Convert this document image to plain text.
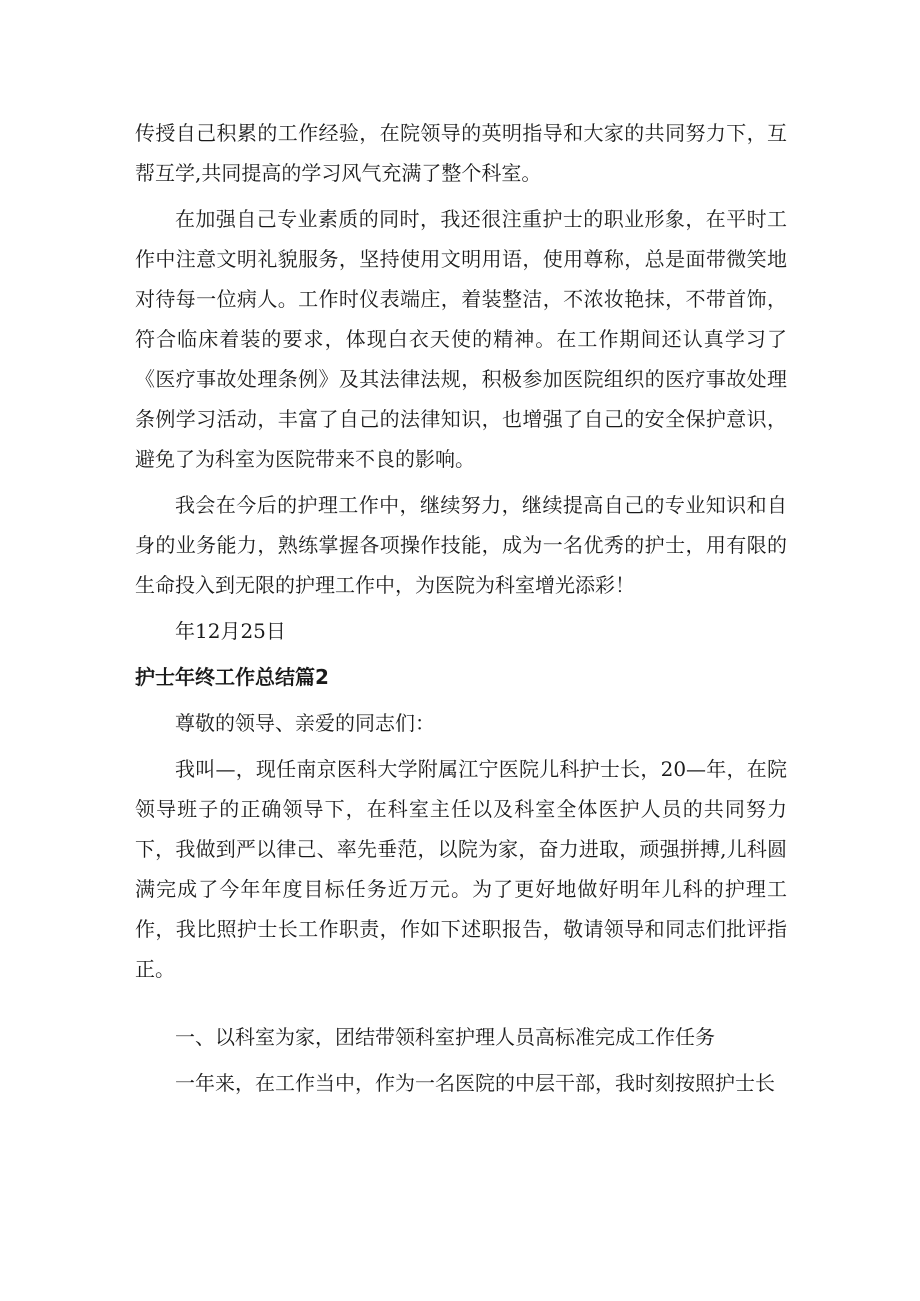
传授自己积累的工作经验，在院领导的英明指导和大家的共同努力下，互帮互学,共同提高的学习风气充满了整个科室。

在加强自己专业素质的同时，我还很注重护士的职业形象，在平时工作中注意文明礼貌服务，坚持使用文明用语，使用尊称，总是面带微笑地对待每一位病人。工作时仪表端庄，着装整洁，不浓妆艳抹，不带首饰，符合临床着装的要求，体现白衣天使的精神。在工作期间还认真学习了《医疗事故处理条例》及其法律法规，积极参加医院组织的医疗事故处理条例学习活动，丰富了自己的法律知识，也增强了自己的安全保护意识，避免了为科室为医院带来不良的影响。

我会在今后的护理工作中，继续努力，继续提高自己的专业知识和自身的业务能力，熟练掌握各项操作技能，成为一名优秀的护士，用有限的生命投入到无限的护理工作中，为医院为科室增光添彩！

年12月25日

护士年终工作总结篇2

尊敬的领导、亲爱的同志们：

我叫—，现任南京医科大学附属江宁医院儿科护士长，20—年，在院领导班子的正确领导下，在科室主任以及科室全体医护人员的共同努力下，我做到严以律己、率先垂范，以院为家，奋力进取，顽强拼搏,儿科圆满完成了今年年度目标任务近万元。为了更好地做好明年儿科的护理工作，我比照护士长工作职责，作如下述职报告，敬请领导和同志们批评指正。

一、以科室为家，团结带领科室护理人员高标准完成工作任务

一年来，在工作当中，作为一名医院的中层干部，我时刻按照护士长
